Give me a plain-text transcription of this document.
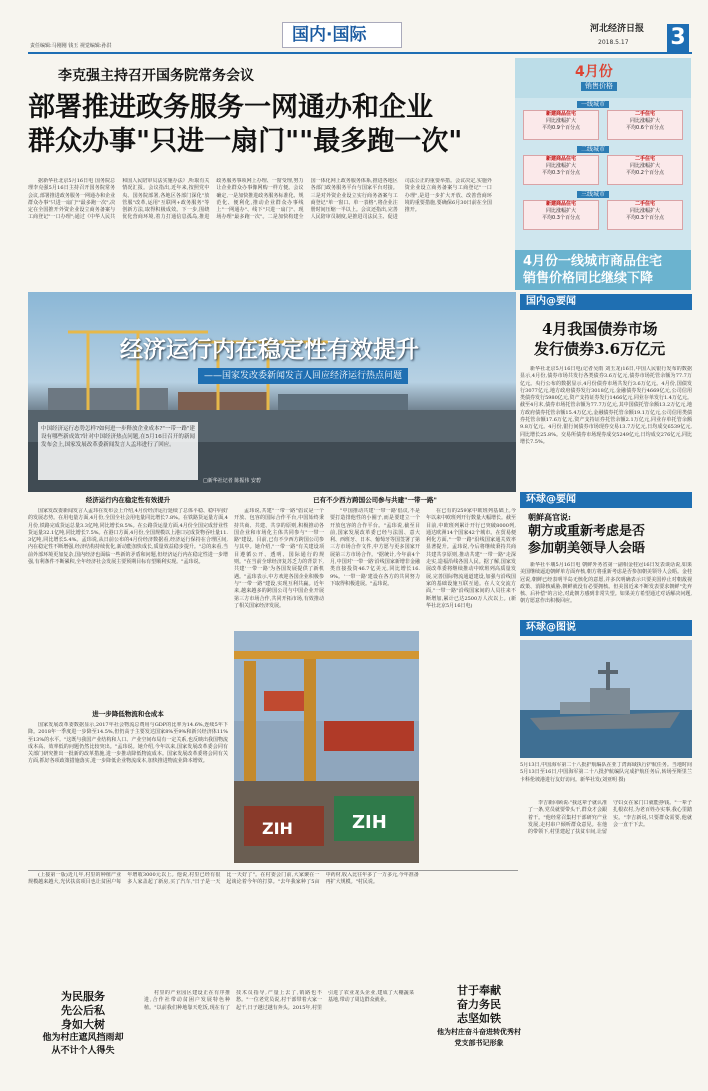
责任编辑:马刚刚 钱玉 视觉编辑:孙洪
国内·国际	河北经济日报
2018.5.17 3
李克强主持召开国务院常务会议
部署推进政务服务一网通办和企业
群众办事"只进一扇门""最多跑一次"

据新华社北京5月16日电 国务院总理李克强5月16日主持召开国务院常务会议,部署推进政务服务一网通办和企业群众办事"只进一扇门""最多跑一次",决定在全国推开外资企业设立商务备案与工商登记"一口办理";通过《中华人民共和国人民陪审员法实施办法》,听取有关情况汇报。会议指出,近年来,按照党中央、国务院部署,各地区各部门深化"放管服"改革,运用"互联网+政务服务"等创新方法,取得积极成效。下一步,围绕优化营商环境,着力打通信息孤岛,推进政务服务事项网上办理、一窗受理,努力让企业群众办事像网购一样方便。会议确定,一是加快推进政务服务标准化、规范化、便利化,推动企业群众办事线上"一网通办"、线下"只进一扇门"、现场办理"最多跑一次"。二是加快构建全国一体化网上政务服务体系,推进各地区各部门政务服务平台与国家平台对接。三是对外资企业设立实行商务备案与工商登记"单一窗口、单一表格",将企业注册时间压缩一半以上。会议还指出,完善人民陪审员制度,是推进司法民主、促进司法公正的重要举措。会议决定,实施外资企业设立商务备案与工商登记"一口办理",是进一步扩大开放、改善营商环境的重要措施,要确保6月30日前在全国推开。

4月份
销售价格
一线城市
新建商品住宅
同比涨幅扩大
平均0.9个百分点
二手住宅
同比涨幅扩大
平均0.6个百分点
二线城市
新建商品住宅
同比涨幅扩大
平均0.3个百分点
二手住宅
同比涨幅扩大
平均0.2个百分点
三线城市
新建商品住宅
同比涨幅扩大
平均0.3个百分点
二手住宅
同比涨幅扩大
平均0.3个百分点
4月份一线城市商品住宅
销售价格同比继续下降
经济运行内在稳定性有效提升
——国家发改委新闻发言人回应经济运行热点问题
中国经济运行态势怎样?如何进一步释放企业成本?"一带一路"建设有哪些新成效?针对中国经济热点问题,在5月16日召开的新闻发布会上,国家发展改革委新闻发言人孟玮进行了回应。
□新华社记者 陈振伟 安碧
经济运行内在稳定性有效提升

国家发改委新闻发言人孟玮在发布会上介绍,4月份经济运行延续了总体平稳、稳中向好的发展态势。在用电量方面,4月份,全国全社会用电量同比增长7.8%。在铁路货运量方面,4月份,铁路完成货运总量3.3亿吨,同比增长8.5%。在公路货运量方面,4月份全国完成营业性货运量32.1亿吨,同比增长7.5%。在港口方面,4月份,全国规模以上港口完成货物吞吐量11.3亿吨,同比增长5.4%。孟玮说,从日前公布的4月份经济数据看,经济运行保持在合理区间,内在稳定性不断增强,经济结构持续优化,新动能加快成长,质量效益稳步提升。"总的来看,当前外部环境更加复杂,国内经济也面临一些新的矛盾和问题,但经济运行内在稳定性进一步增强,有利条件不断累积,全年经济社会发展主要预期目标有望顺利实现。"孟玮说。

进一步降低物流和仓成本

国家发展改革委数据显示,2017年社会物流总费用与GDP的比率为14.6%,连续5年下降。2018年一季度进一步降至14.5%,但仍高于主要发达国家8%至9%和新兴经济体11%至13%的水平。"这既与我国产业结构和人口、产业空间布局有一定关系,也反映出我国物流成本高、效率低的问题仍然比较突出。"孟玮说。她介绍,今年以来,国家发展改革委会同有关部门研究推出一批新的改革措施,进一步推动降低物流成本。国家发展改革委将会同有关方面,抓好各项政策措施落实,进一步降低企业物流成本,加快推进物流业降本增效。

已有不少西方跨国公司参与共建"一带一路"

孟玮说,共建"一带一路"倡议是一个开放、包容的国际合作平台,中国始终秉持共商、共建、共享的原则,积极推动各国企业和市场化主体共同参与"一带一路"建设。目前,已有不少西方跨国公司参与其中。她介绍,"一带一路"有关建设项目遵循公开、透明、国际通行的规则。"在当前全球经济复苏乏力的背景下,共建'一带一路'为各国发展提供了新机遇。"孟玮表示,中方欢迎各国企业积极参与"一带一路"建设,实现互利共赢。近年来,越来越多的跨国公司与中国企业开展第三方市场合作,共同开拓市场,有效推动了相关国家经济发展。

"中国推动共建'一带一路'倡议,不是要打造排他性的小圈子,而是要建立一个开放包容的合作平台。"孟玮说,截至目前,国家发展改革委已经与法国、意大利、西班牙、日本、葡萄牙等国签署了第三方市场合作文件,中方愿与更多国家开展第三方市场合作。"据统计,今年前4个月,中国对'一带一路'沿线国家新增非金融类直接投资46.7亿美元,同比增长16.9%。'一带一路'建设在各方的共同努力下取得积极进展。"孟玮说。

在已有的259家中欧班列基础上,今年以来中欧班列开行数量大幅增长。截至目前,中欧班列累计开行已突破8000列,通达欧洲14个国家42个城市。在贸易便利化方面,"一带一路"沿线国家通关效率显著提升。孟玮说,今后将继续秉持共商共建共享原则,推动共建"一带一路"走深走实,造福沿线各国人民。据了解,国家发展改革委将继续推动中欧班列高质量发展,完善国际物流通道建设,加强与沿线国家的基础设施互联互通。在人文交流方面,"一带一路"沿线国家间的人员往来不断增加,累计已达2500万人次以上。(新华社北京5月16日电)

ZIH
ZIH
国内@要闻
4月我国债券市场
发行债券3.6万亿元

新华社北京5月16日电(记者吴雨 刘玉龙)16日,中国人民银行发布的数据显示,4月份,债券市场共发行各类债券3.6万亿元,债券市场托管余额为77.7万亿元。央行公布的数据显示,4月份债券市场共发行3.6万亿元。4月份,国债发行3077亿元,地方政府债券发行3018亿元,金融债券发行4669亿元,公司信用类债券发行5980亿元,资产支持证券发行1466亿元,同业存单发行1.4万亿元。截至4月末,债券市场托管余额为77.7万亿元,其中国债托管余额13.2万亿元,地方政府债券托管余额15.4万亿元,金融债券托管余额19.1万亿元,公司信用类债券托管余额17.6万亿元,资产支持证券托管余额2.1万亿元,同业存单托管余额9.8万亿元。4月份,银行间债券市场现券交易13.7万亿元,日均成交6539亿元,同比增长25.8%。交易所债券市场现券成交5249亿元,日均成交276亿元,同比增长7.5%。

环球@要闻
朝鲜高官说:
朝方或重新考虑是否
参加朝美领导人会晤

新华社平壤5月16日电 朝鲜外务省第一副相金桂冠16日发表谈话说,如果美国继续逼迫朝鲜单方面弃核,朝方将重新考虑是否参加朝美领导人会晤。金桂冠说,朝鲜已经表明半岛无核化的意愿,并多次明确表示只要美国停止对朝敌视政策、消除核威胁,朝鲜就没有必要拥核。但美国近来不断发表要求朝鲜"先弃核、后补偿"的言论,对此朝方感到非常失望。如果美方希望通过对话解决问题,朝方愿意作出积极回应。

环球@图说
5月13日,中国海军第二十八批护航编队在亚丁湾海域执行护航任务。当地时间5月13日至16日,中国海军第二十八批护航编队完成护航任务后,转场至斯里兰卡科伦坡港进行友好访问。新华社发(刘亚明 摄)

(上接第一版)近几年,村里的种植产业规模越来越大,光伏扶贫项目也让贫困户每年增收3000元以上。他说,村里已经有很多人家盖起了新房,买了汽车,"日子是一天比一天好了"。在村委会门前,大家聚在一起谈论着今年的打算。"去年我家种了5亩中药材,收入比往年多了一万多元,今年准备再扩大规模。"村民说。

为民服务
先公后私
身如大树
他为村庄遮风挡雨却
从不计个人得失

村里的产业园区建设正在有序推进,合作社带动贫困户发展特色种植。"以前我们种地靠天吃饭,现在有了技术员指导,产量上去了,销路也不愁。"一位老党员说,村干部带着大家一起干,日子越过越有奔头。2015年,村里引进了农业龙头企业,建成了大棚蔬菜基地,带动了周边群众就业。

甘于奉献
奋力务民
志坚如铁
他为村庄奋斗奋进转优秀村
党支部书记形象

李吉新回顾说:"我这辈子就认准了一条,党员就要带头干,群众才会跟着干。"他经常召集村干部研究产业发展,走村串户倾听群众意见。在他的带领下,村里建起了扶贫车间,让留守妇女在家门口就能挣钱。"一辈子扎根农村,为老百姓办实事,我心里踏实。"李吉新说,只要群众需要,他就会一直干下去。
